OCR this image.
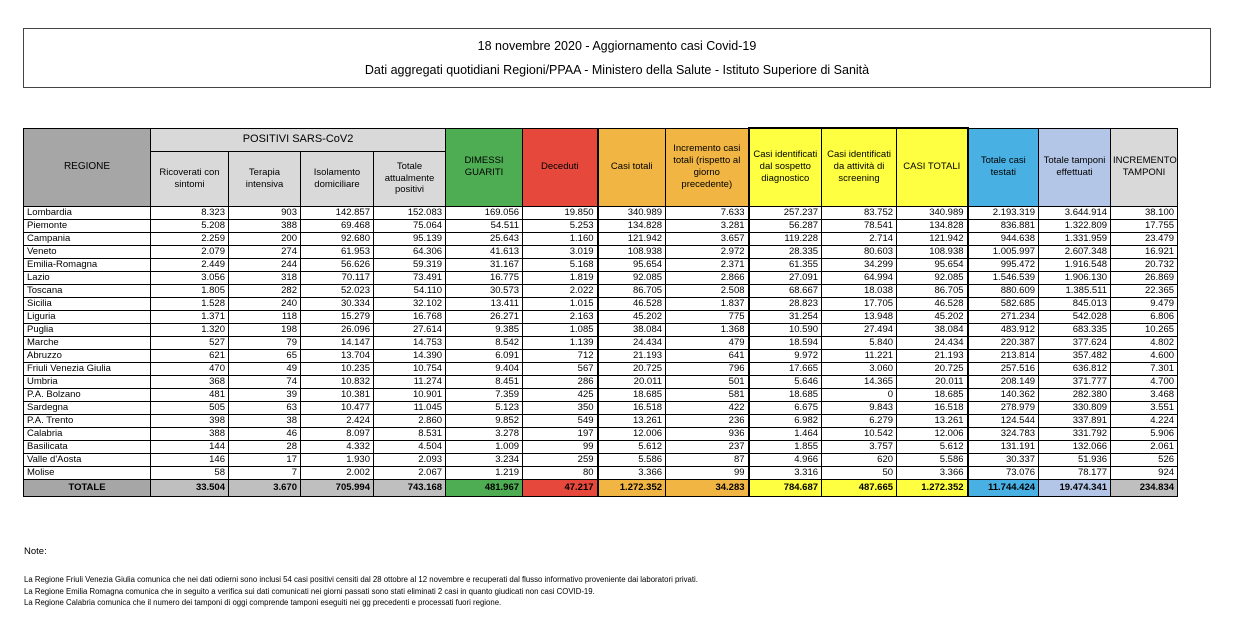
18 novembre 2020 - Aggiornamento casi Covid-19
Dati aggregati quotidiani Regioni/PPAA - Ministero della Salute - Istituto Superiore di Sanità
REGIONE	POSITIVI SARS-CoV2				DIMESSI GUARITI	Deceduti	Casi totali	Incremento casi totali (rispetto al giorno precedente)	Casi identificati dal sospetto diagnostico	Casi identificati da attività di screening	CASI TOTALI	Totale casi testati	Totale tamponi effettuati	INCREMENTO TAMPONI
	Ricoverati con sintomi	Terapia intensiva	Isolamento domiciliare	Totale attualmente positivi										
Lombardia	8.323	903	142.857	152.083	169.056	19.850	340.989	7.633	257.237	83.752	340.989	2.193.319	3.644.914	38.100
Piemonte	5.208	388	69.468	75.064	54.511	5.253	134.828	3.281	56.287	78.541	134.828	836.881	1.322.809	17.755
Campania	2.259	200	92.680	95.139	25.643	1.160	121.942	3.657	119.228	2.714	121.942	944.638	1.331.959	23.479
Veneto	2.079	274	61.953	64.306	41.613	3.019	108.938	2.972	28.335	80.603	108.938	1.005.997	2.607.348	16.921
Emilia-Romagna	2.449	244	56.626	59.319	31.167	5.168	95.654	2.371	61.355	34.299	95.654	995.472	1.916.548	20.732
Lazio	3.056	318	70.117	73.491	16.775	1.819	92.085	2.866	27.091	64.994	92.085	1.546.539	1.906.130	26.869
Toscana	1.805	282	52.023	54.110	30.573	2.022	86.705	2.508	68.667	18.038	86.705	880.609	1.385.511	22.365
Sicilia	1.528	240	30.334	32.102	13.411	1.015	46.528	1.837	28.823	17.705	46.528	582.685	845.013	9.479
Liguria	1.371	118	15.279	16.768	26.271	2.163	45.202	775	31.254	13.948	45.202	271.234	542.028	6.806
Puglia	1.320	198	26.096	27.614	9.385	1.085	38.084	1.368	10.590	27.494	38.084	483.912	683.335	10.265
Marche	527	79	14.147	14.753	8.542	1.139	24.434	479	18.594	5.840	24.434	220.387	377.624	4.802
Abruzzo	621	65	13.704	14.390	6.091	712	21.193	641	9.972	11.221	21.193	213.814	357.482	4.600
Friuli Venezia Giulia	470	49	10.235	10.754	9.404	567	20.725	796	17.665	3.060	20.725	257.516	636.812	7.301
Umbria	368	74	10.832	11.274	8.451	286	20.011	501	5.646	14.365	20.011	208.149	371.777	4.700
P.A. Bolzano	481	39	10.381	10.901	7.359	425	18.685	581	18.685	0	18.685	140.362	282.380	3.468
Sardegna	505	63	10.477	11.045	5.123	350	16.518	422	6.675	9.843	16.518	278.979	330.809	3.551
P.A. Trento	398	38	2.424	2.860	9.852	549	13.261	236	6.982	6.279	13.261	124.544	337.891	4.224
Calabria	388	46	8.097	8.531	3.278	197	12.006	936	1.464	10.542	12.006	324.783	331.792	5.906
Basilicata	144	28	4.332	4.504	1.009	99	5.612	237	1.855	3.757	5.612	131.191	132.066	2.061
Valle d'Aosta	146	17	1.930	2.093	3.234	259	5.586	87	4.966	620	5.586	30.337	51.936	526
Molise	58	7	2.002	2.067	1.219	80	3.366	99	3.316	50	3.366	73.076	78.177	924
TOTALE	33.504	3.670	705.994	743.168	481.967	47.217	1.272.352	34.283	784.687	487.665	1.272.352	11.744.424	19.474.341	234.834
Note:
La Regione Friuli Venezia Giulia comunica che nei dati odierni sono inclusi 54 casi positivi censiti dal 28 ottobre al 12 novembre e recuperati dal flusso informativo proveniente dai laboratori privati.
La Regione Emilia Romagna comunica che in seguito a verifica sui dati comunicati nei giorni passati sono stati eliminati 2 casi in quanto giudicati non casi COVID-19.
La Regione Calabria comunica che il numero dei tamponi di oggi comprende tamponi eseguiti nei gg precedenti e processati fuori regione.
